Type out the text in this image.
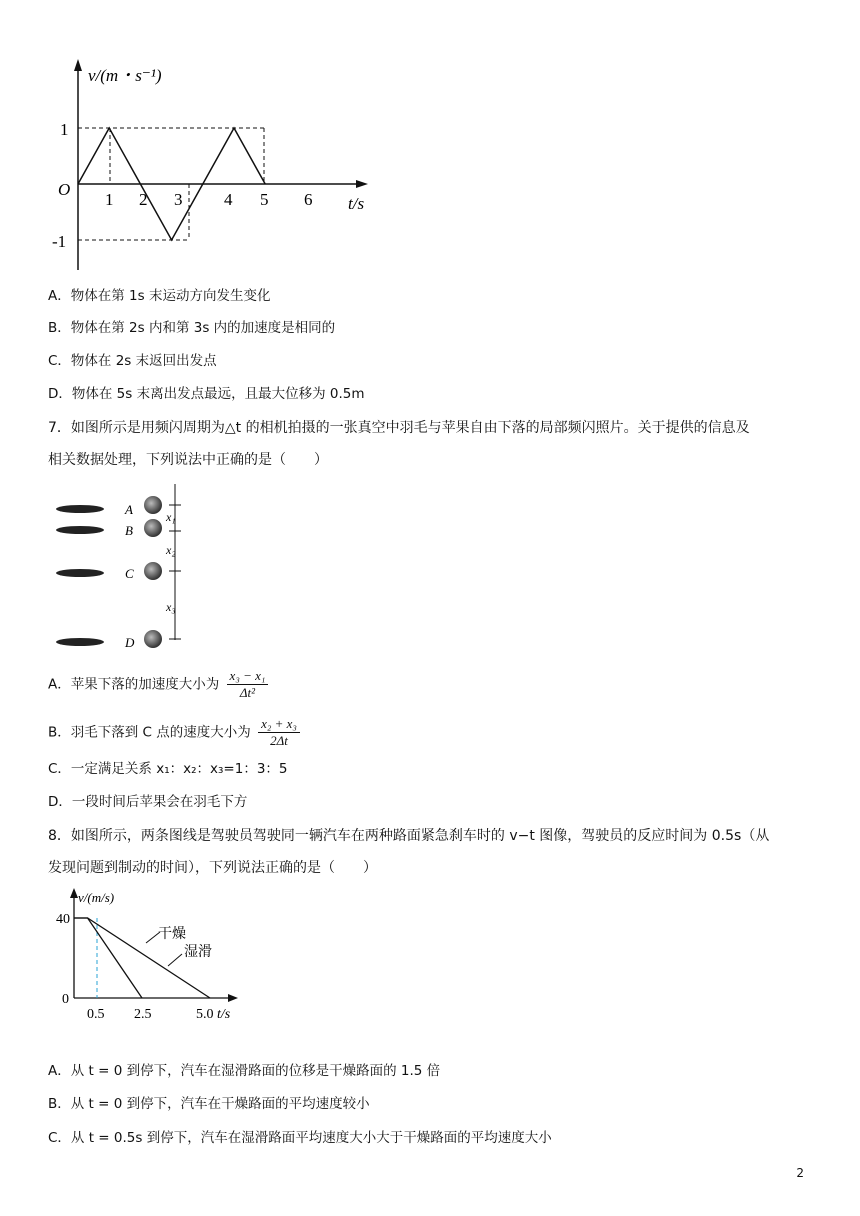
v/(m・s⁻¹)
O
1
-1
1 2 3 4 5 6 t/s
A．物体在第 1s 末运动方向发生变化
B．物体在第 2s 内和第 3s 内的加速度是相同的
C．物体在 2s 末返回出发点
D．物体在 5s 末离出发点最远，且最大位移为 0.5m
7．如图所示是用频闪周期为△t 的相机拍摄的一张真空中羽毛与苹果自由下落的局部频闪照片。关于提供的信息及
相关数据处理，下列说法中正确的是（　　）
A
B
C
D
x₁
x₂
x₃
A．苹果下落的加速度大小为 $\frac{\text{x₃ − x₁}}{\text{Δt²}}$
B．羽毛下落到 C 点的速度大小为 $\frac{\text{x₂ + x₃}}{2\Delta t}$
C．一定满足关系 x₁：x₂：x₃=1：3：5
D．一段时间后苹果会在羽毛下方
8．如图所示，两条图线是驾驶员驾驶同一辆汽车在两种路面紧急刹车时的 v−t 图像，驾驶员的反应时间为 0.5s（从
发现问题到制动的时间），下列说法正确的是（　　）
干燥
湿滑
v/(m/s)
40
0
0.5 2.5	5.0 t/s
A．从 t = 0 到停下，汽车在湿滑路面的位移是干燥路面的 1.5 倍
B．从 t = 0 到停下，汽车在干燥路面的平均速度较小
C．从 t = 0.5s 到停下，汽车在湿滑路面平均速度大小大于干燥路面的平均速度大小
2
